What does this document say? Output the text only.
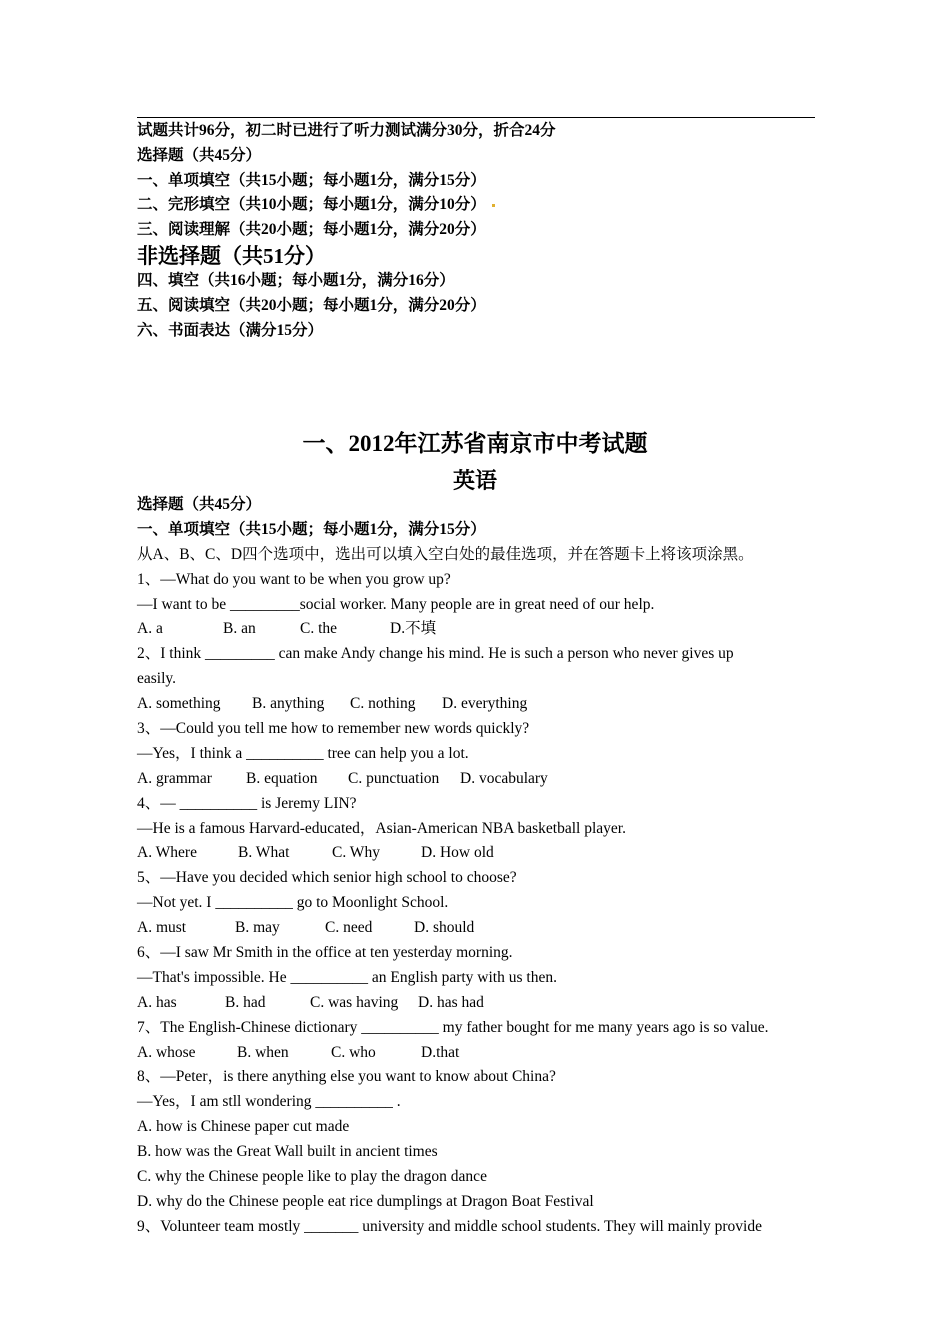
试题共计96分，初二时已进行了听力测试满分30分，折合24分
选择题（共45分）
一、单项填空（共15小题；每小题1分，满分15分）
二、完形填空（共10小题；每小题1分，满分10分）
三、阅读理解（共20小题；每小题1分，满分20分）
非选择题（共51分）
四、填空（共16小题；每小题1分，满分16分）
五、阅读填空（共20小题；每小题1分，满分20分）
六、书面表达（满分15分）
一、2012年江苏省南京市中考试题
英语
选择题（共45分）
一、单项填空（共15小题；每小题1分，满分15分）
从A、B、C、D四个选项中，选出可以填入空白处的最佳选项，并在答题卡上将该项涂黑。
1、—What do you want to be when you grow up?
—I want to be _________social worker. Many people are in great need of our help.
A. a	B. an	C. the	D.不填
2、I think _________ can make Andy change his mind. He is such a person who never gives up
easily.
A. something B. anything C. nothing D. everything
3、—Could you tell me how to remember new words quickly?
—Yes，I think a __________ tree can help you a lot.
A. grammar B. equation C. punctuation D. vocabulary
4、— __________ is Jeremy LIN?
—He is a famous Harvard-educated，Asian-American NBA basketball player.
A. Where	B. What	C. Why	D. How old
5、—Have you decided which senior high school to choose?
—Not yet. I __________ go to Moonlight School.
A. must	B. may	C. need	D. should
6、—I saw Mr Smith in the office at ten yesterday morning.
—That's impossible. He __________ an English party with us then.
A. has	B. had	C. was having D. has had
7、The English-Chinese dictionary __________ my father bought for me many years ago is so value.
A. whose	B. when	C. who	D.that
8、—Peter，is there anything else you want to know about China?
—Yes，I am stll wondering __________ .
A. how is Chinese paper cut made
B. how was the Great Wall built in ancient times
C. why the Chinese people like to play the dragon dance
D. why do the Chinese people eat rice dumplings at Dragon Boat Festival
9、Volunteer team mostly _______ university and middle school students. They will mainly provide
